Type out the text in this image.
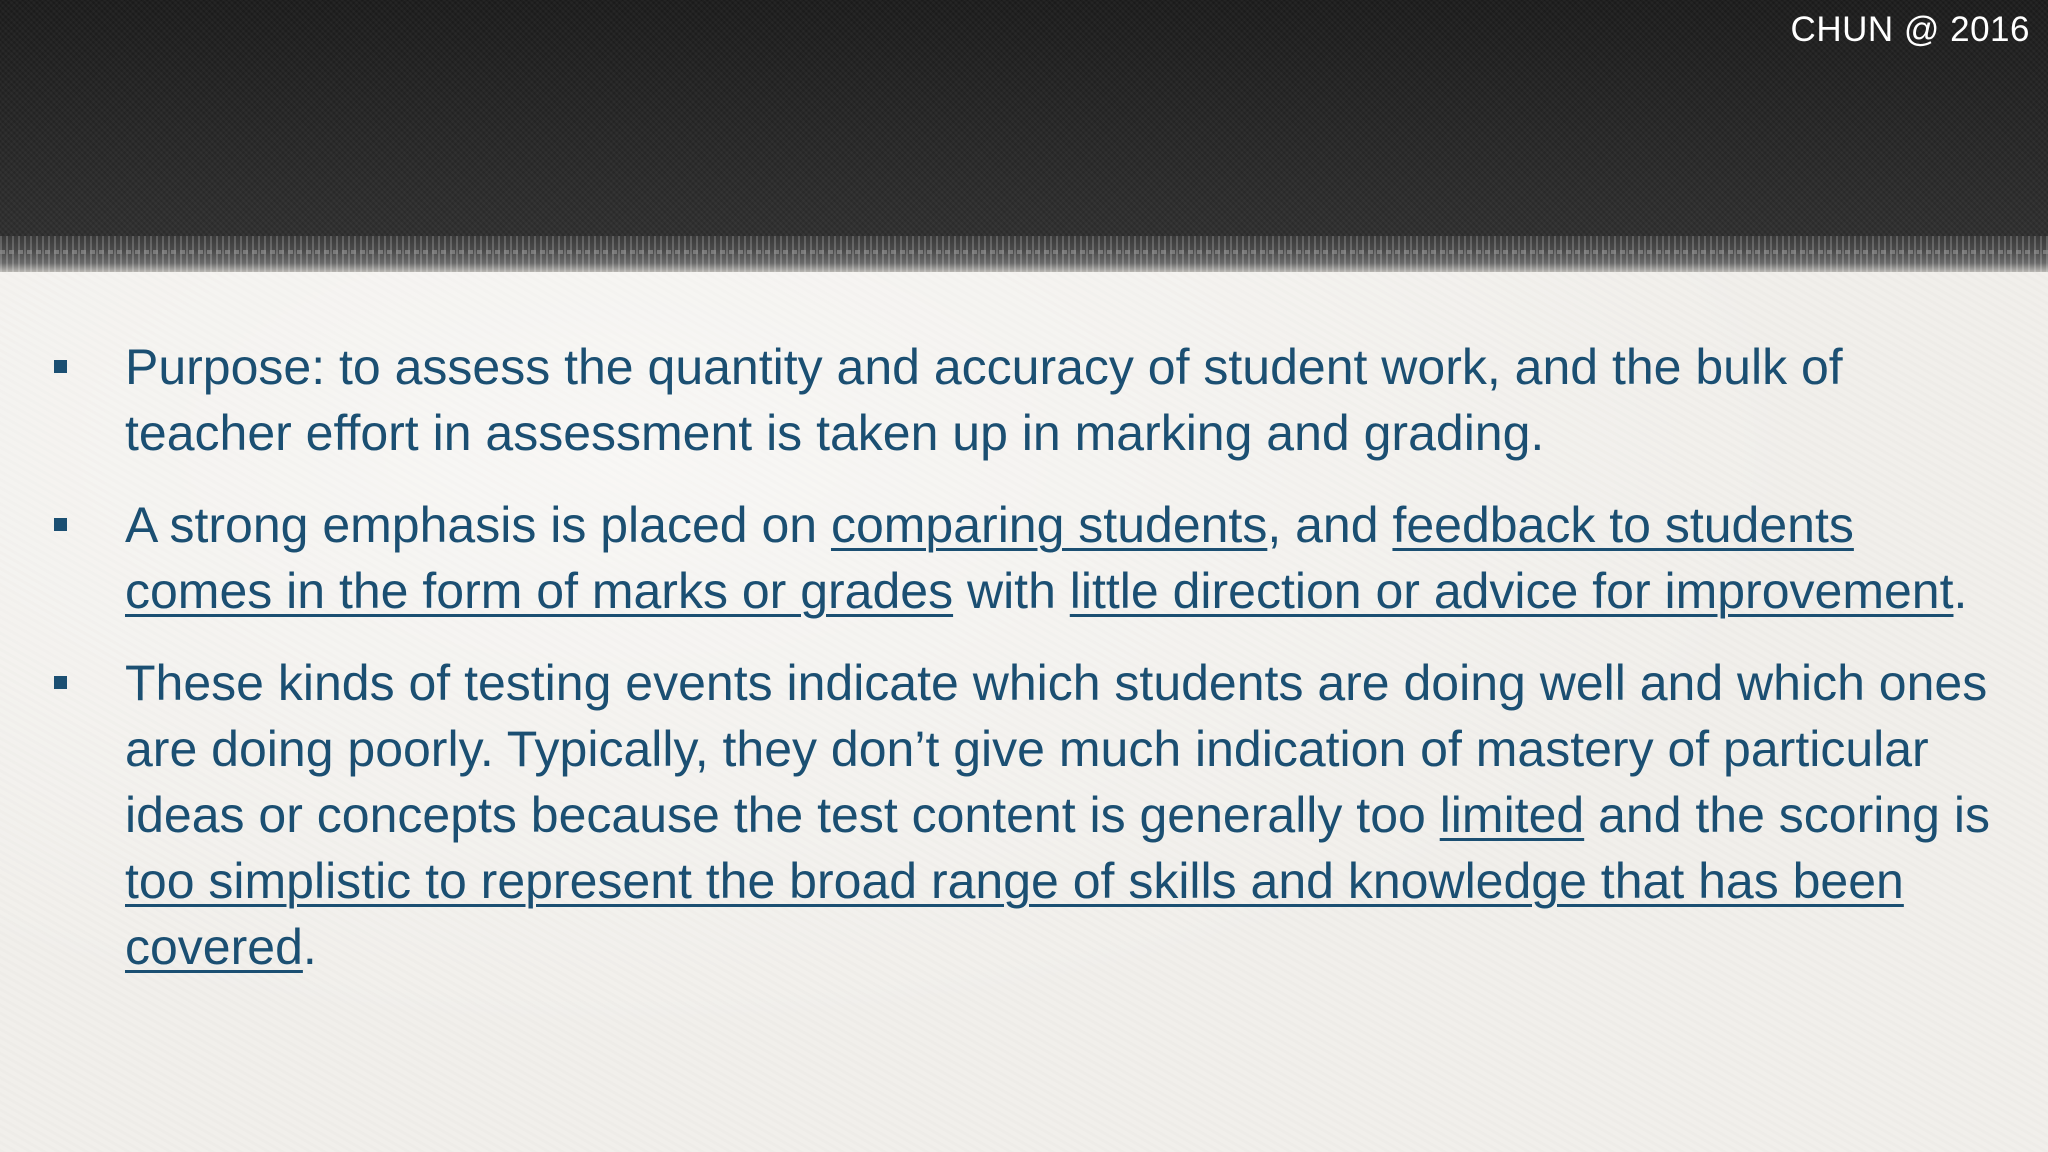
CHUN @ 2016
Purpose: to assess the quantity and accuracy of student work, and the bulk of teacher effort in assessment is taken up in marking and grading.
A strong emphasis is placed on comparing students, and feedback to students comes in the form of marks or grades with little direction or advice for improvement.
These kinds of testing events indicate which students are doing well and which ones are doing poorly. Typically, they don’t give much indication of mastery of particular ideas or concepts because the test content is generally too limited and the scoring is too simplistic to represent the broad range of skills and knowledge that has been covered.
